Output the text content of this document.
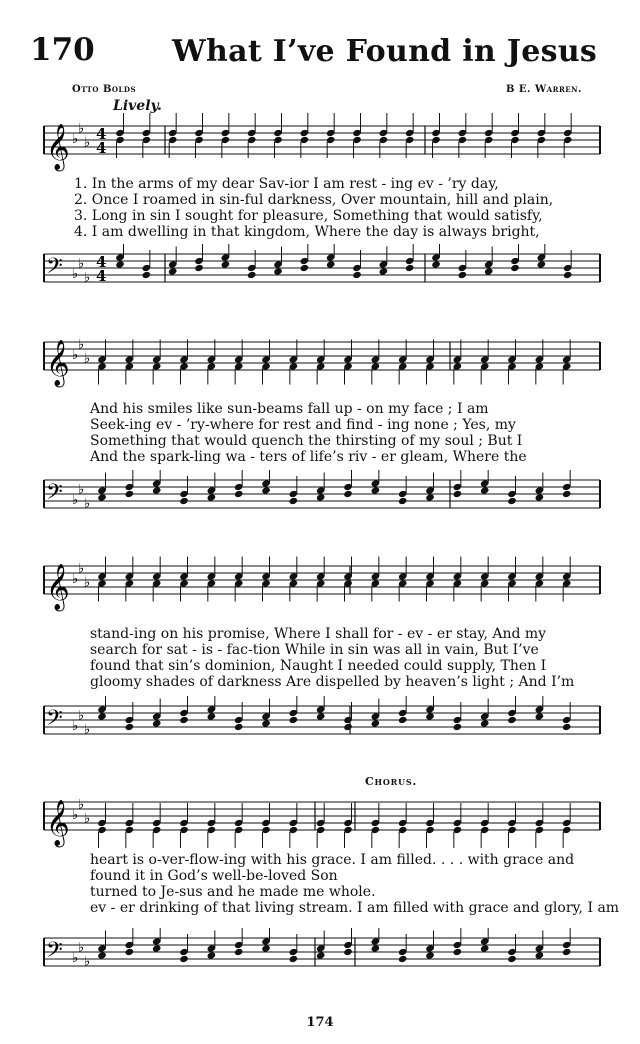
170	What I’ve Found in Jesus
Otto Bolds	B E. Warren.
Lively.
Chorus.
𝄞 ♭
♭
♭ 4
4
1. In the arms of my dear Sav-ior I am rest - ing ev - ’ry day,
2. Once I roamed in sin-ful darkness, Over mountain, hill and plain,
3. Long in sin I sought for pleasure, Something that would satisfy,
4. I am dwelling in that kingdom, Where the day is always bright,
𝄢 ♭
♭
♭
4
4
𝄞 ♭
♭
♭
And his smiles like sun-beams fall up - on my face ; I am
Seek-ing ev - ’ry-where for rest and find - ing none ; Yes, my
Something that would quench the thirsting of my soul ; But I
And the spark-ling wa - ters of life’s riv - er gleam, Where the
𝄢 ♭
♭
♭
𝄞 ♭
♭
♭
stand-ing on his promise, Where I shall for - ev - er stay, And my
search for sat - is - fac-tion While in sin was all in vain, But I’ve
found that sin’s dominion, Naught I needed could supply, Then I
gloomy shades of darkness Are dispelled by heaven’s light ; And I’m
𝄢 ♭
♭
♭
𝄞 ♭
♭
♭
heart is o-ver-flow-ing with his grace. I am filled. . . . with grace and
found it in God’s well-be-loved Son
turned to Je-sus and he made me whole.
ev - er drinking of that living stream. I am filled with grace and glory, I am
𝄢 ♭
♭
♭
174
